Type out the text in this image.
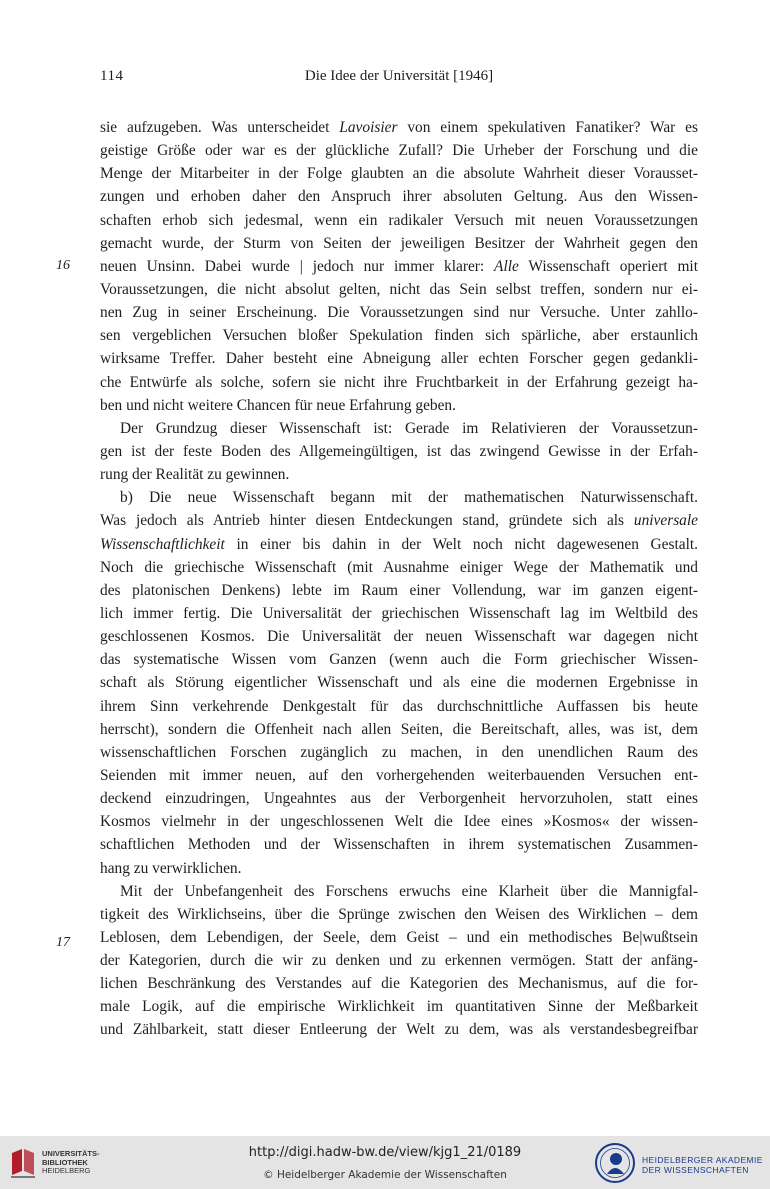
114	Die Idee der Universität [1946]
sie aufzugeben. Was unterscheidet Lavoisier von einem spekulativen Fanatiker? War es
geistige Größe oder war es der glückliche Zufall? Die Urheber der Forschung und die
Menge der Mitarbeiter in der Folge glaubten an die absolute Wahrheit dieser Vorausset-
zungen und erhoben daher den Anspruch ihrer absoluten Geltung. Aus den Wissen-
schaften erhob sich jedesmal, wenn ein radikaler Versuch mit neuen Voraussetzungen
gemacht wurde, der Sturm von Seiten der jeweiligen Besitzer der Wahrheit gegen den
neuen Unsinn. Dabei wurde | jedoch nur immer klarer: Alle Wissenschaft operiert mit
Voraussetzungen, die nicht absolut gelten, nicht das Sein selbst treffen, sondern nur ei-
nen Zug in seiner Erscheinung. Die Voraussetzungen sind nur Versuche. Unter zahllo-
sen vergeblichen Versuchen bloßer Spekulation finden sich spärliche, aber erstaunlich
wirksame Treffer. Daher besteht eine Abneigung aller echten Forscher gegen gedankli-
che Entwürfe als solche, sofern sie nicht ihre Fruchtbarkeit in der Erfahrung gezeigt ha-
ben und nicht weitere Chancen für neue Erfahrung geben.
Der Grundzug dieser Wissenschaft ist: Gerade im Relativieren der Voraussetzun-
gen ist der feste Boden des Allgemeingültigen, ist das zwingend Gewisse in der Erfah-
rung der Realität zu gewinnen.
b) Die neue Wissenschaft begann mit der mathematischen Naturwissenschaft.
Was jedoch als Antrieb hinter diesen Entdeckungen stand, gründete sich als universale
Wissenschaftlichkeit in einer bis dahin in der Welt noch nicht dagewesenen Gestalt.
Noch die griechische Wissenschaft (mit Ausnahme einiger Wege der Mathematik und
des platonischen Denkens) lebte im Raum einer Vollendung, war im ganzen eigent-
lich immer fertig. Die Universalität der griechischen Wissenschaft lag im Weltbild des
geschlossenen Kosmos. Die Universalität der neuen Wissenschaft war dagegen nicht
das systematische Wissen vom Ganzen (wenn auch die Form griechischer Wissen-
schaft als Störung eigentlicher Wissenschaft und als eine die modernen Ergebnisse in
ihrem Sinn verkehrende Denkgestalt für das durchschnittliche Auffassen bis heute
herrscht), sondern die Offenheit nach allen Seiten, die Bereitschaft, alles, was ist, dem
wissenschaftlichen Forschen zugänglich zu machen, in den unendlichen Raum des
Seienden mit immer neuen, auf den vorhergehenden weiterbauenden Versuchen ent-
deckend einzudringen, Ungeahntes aus der Verborgenheit hervorzuholen, statt eines
Kosmos vielmehr in der ungeschlossenen Welt die Idee eines »Kosmos« der wissen-
schaftlichen Methoden und der Wissenschaften in ihrem systematischen Zusammen-
hang zu verwirklichen.
Mit der Unbefangenheit des Forschens erwuchs eine Klarheit über die Mannigfal-
tigkeit des Wirklichseins, über die Sprünge zwischen den Weisen des Wirklichen – dem
Leblosen, dem Lebendigen, der Seele, dem Geist – und ein methodisches Be|wußtsein
der Kategorien, durch die wir zu denken und zu erkennen vermögen. Statt der anfäng-
lichen Beschränkung des Verstandes auf die Kategorien des Mechanismus, auf die for-
male Logik, auf die empirische Wirklichkeit im quantitativen Sinne der Meßbarkeit
und Zählbarkeit, statt dieser Entleerung der Welt zu dem, was als verstandesbegreifbar
16
17
UNIVERSITÄTS-
BIBLIOTHEK
HEIDELBERG
http://digi.hadw-bw.de/view/kjg1_21/0189
© Heidelberger Akademie der Wissenschaften
HEIDELBERGER AKADEMIE
DER WISSENSCHAFTEN
